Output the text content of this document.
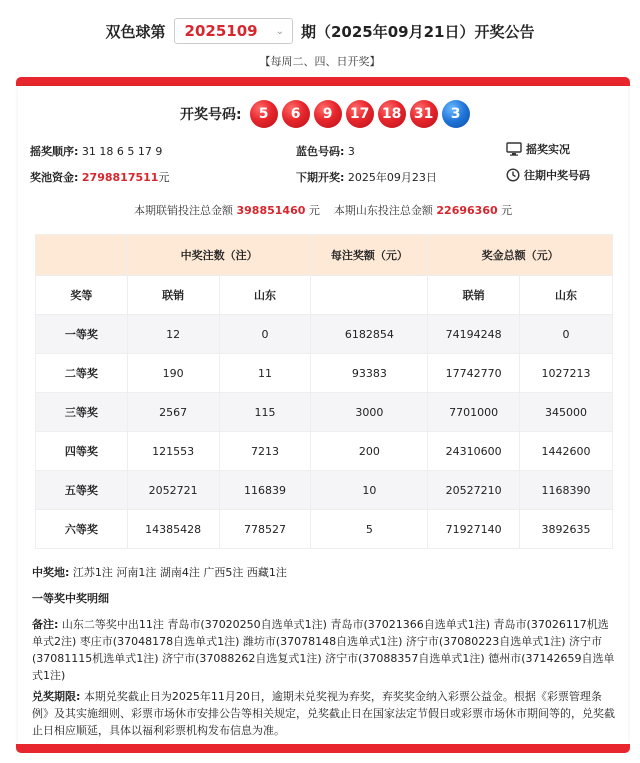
双色球第 2025109 ⌄ 期（2025年09月21日）开奖公告
【每周二、四、日开奖】
开奖号码:	5	6	9	17 18 31	3
摇奖顺序: 31 18 6 5 17 9	蓝色号码: 3	摇奖实况
奖池资金: 2798817511元	下期开奖: 2025年09月23日	往期中奖号码
本期联销投注总金额 398851460 元 本期山东投注总金额 22696360 元
	中奖注数（注）		每注奖额（元）	奖金总额（元）	
奖等	联销	山东		联销	山东
一等奖	12	0	6182854	74194248	0
二等奖	190	11	93383	17742770	1027213
三等奖	2567	115	3000	7701000	345000
四等奖	121553	7213	200	24310600	1442600
五等奖	2052721	116839	10	20527210	1168390
六等奖	14385428	778527	5	71927140	3892635
中奖地: 江苏1注 河南1注 湖南4注 广西5注 西藏1注
一等奖中奖明细
备注: 山东二等奖中出11注 青岛市(37020250自选单式1注) 青岛市(37021366自选单式1注) 青岛市(37026117机选单式2注) 枣庄市(37048178自选单式1注) 潍坊市(37078148自选单式1注) 济宁市(37080223自选单式1注) 济宁市(37081115机选单式1注) 济宁市(37088262自选复式1注) 济宁市(37088357自选单式1注) 德州市(37142659自选单式1注)
兑奖期限: 本期兑奖截止日为2025年11月20日，逾期未兑奖视为弃奖，弃奖奖金纳入彩票公益金。根据《彩票管理条例》及其实施细则、彩票市场休市安排公告等相关规定，兑奖截止日在国家法定节假日或彩票市场休市期间等的，兑奖截止日相应顺延，具体以福利彩票机构发布信息为准。
